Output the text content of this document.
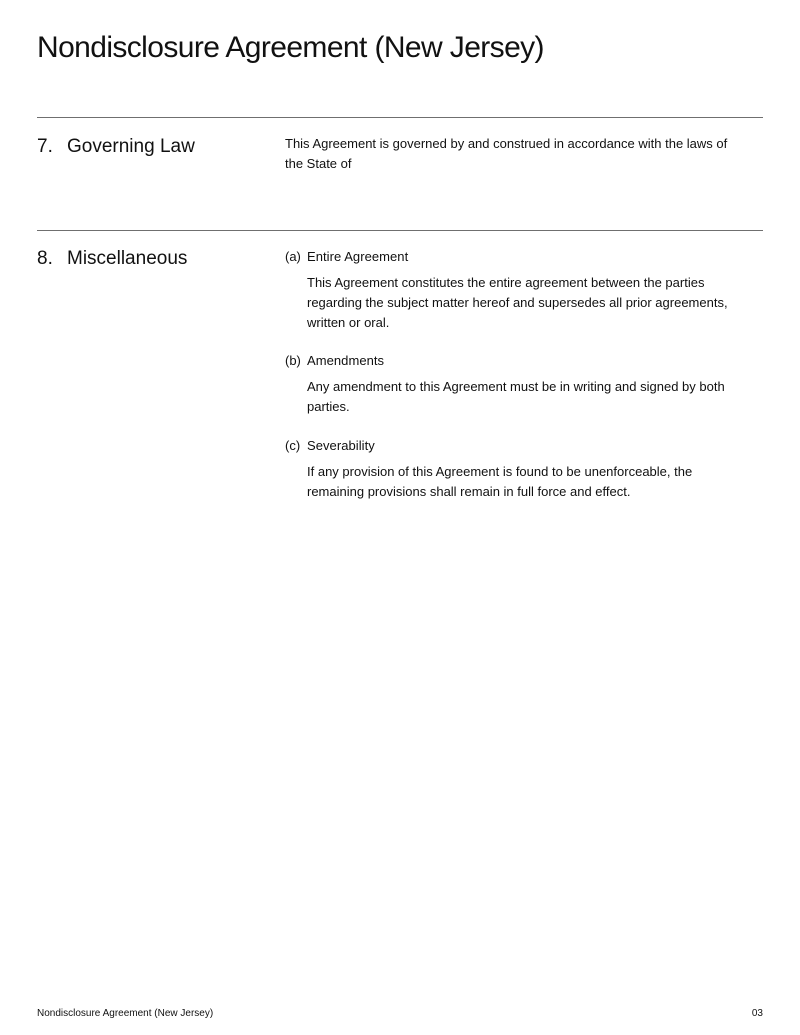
Nondisclosure Agreement (New Jersey)
7. Governing Law	This Agreement is governed by and construed in accordance with the laws of the State of
8. Miscellaneous	(a) Entire Agreement
This Agreement constitutes the entire agreement between the parties regarding the subject matter hereof and supersedes all prior agreements, written or oral.
(b) Amendments
Any amendment to this Agreement must be in writing and signed by both parties.
(c) Severability
If any provision of this Agreement is found to be unenforceable, the remaining provisions shall remain in full force and effect.
Nondisclosure Agreement (New Jersey)	03
